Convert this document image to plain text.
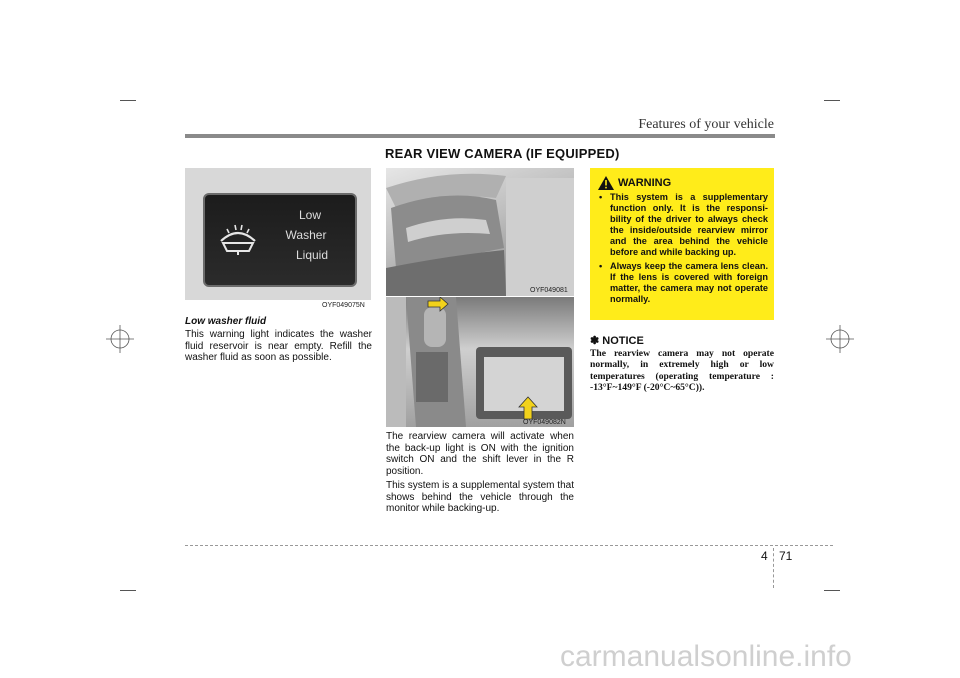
Features of your vehicle
REAR VIEW CAMERA (IF EQUIPPED)
Low
Washer
Liquid
OYF049075N
Low washer fluid
This warning light indicates the washer fluid reservoir is near empty. Refill the washer fluid as soon as possible.
OYF049081
OYF049082N
The rearview camera will activate when the back-up light is ON with the ignition switch ON and the shift lever in the R position.
This system is a supplemental system that shows behind the vehicle through the monitor while backing-up.
WARNING
• This system is a supplementary function only. It is the responsi-bility of the driver to always check the inside/outside rearview mirror and the area behind the vehicle before and while backing up.
• Always keep the camera lens clean. If the lens is covered with foreign matter, the camera may not operate normally.
✽ NOTICE
The rearview camera may not operate normally, in extremely high or low temperatures (operating temperature : -13°F~149°F (-20°C~65°C)).
4 71
carmanualsonline.info
